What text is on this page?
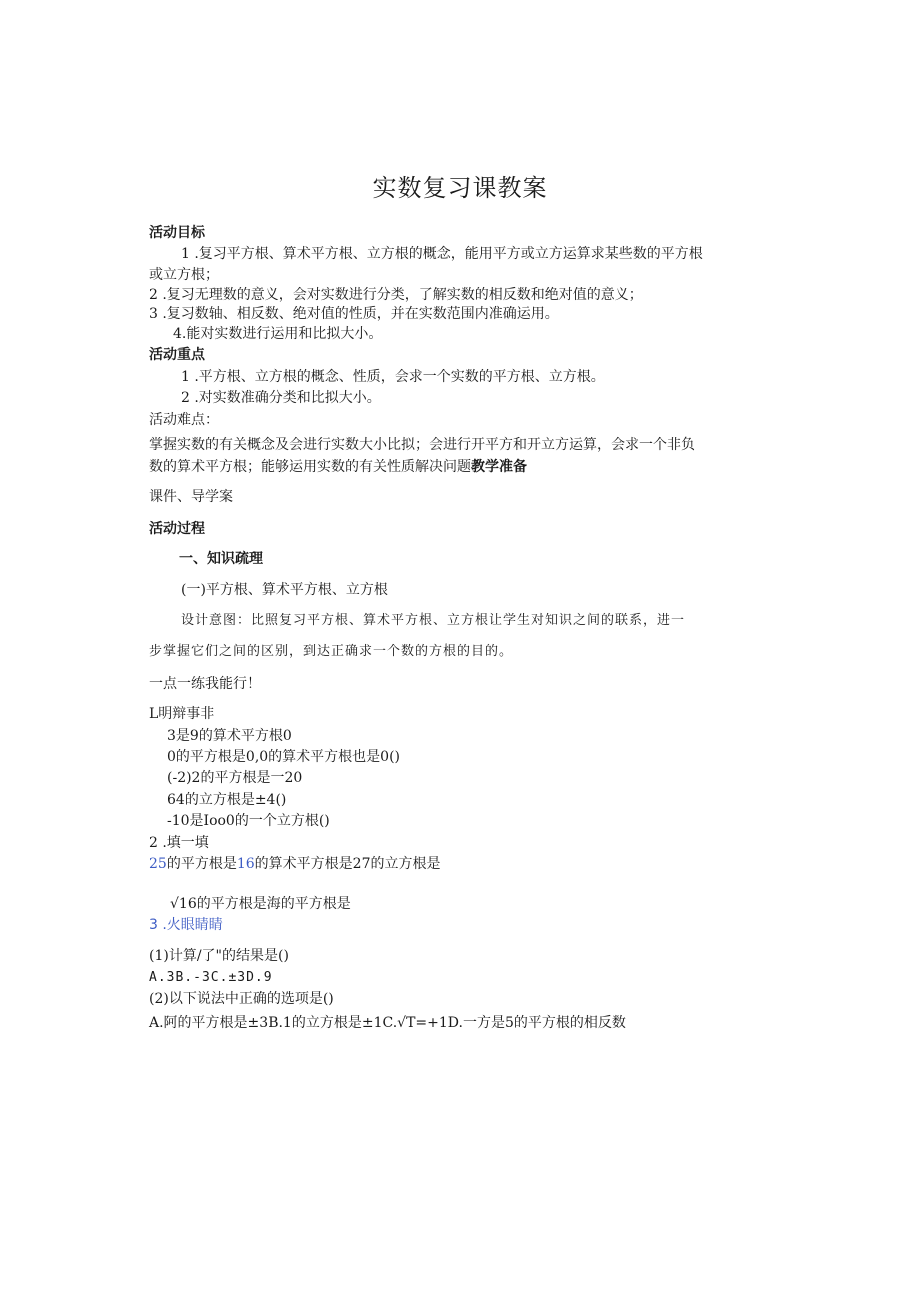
实数复习课教案
活动目标
1 .复习平方根、算术平方根、立方根的概念，能用平方或立方运算求某些数的平方根
或立方根；
2 .复习无理数的意义，会对实数进行分类，了解实数的相反数和绝对值的意义；
3 .复习数轴、相反数、绝对值的性质，并在实数范围内准确运用。
4.能对实数进行运用和比拟大小。
活动重点
1 .平方根、立方根的概念、性质，会求一个实数的平方根、立方根。
2 .对实数准确分类和比拟大小。
活动难点：
掌握实数的有关概念及会进行实数大小比拟；会进行开平方和开立方运算，会求一个非负
数的算术平方根；能够运用实数的有关性质解决问题教学准备
课件、导学案
活动过程
一、知识疏理
(一)平方根、算术平方根、立方根
设计意图：比照复习平方根、算术平方根、立方根让学生对知识之间的联系，进一
步掌握它们之间的区别，到达正确求一个数的方根的目的。
一点一练我能行！
L明辩事非
3是9的算术平方根0
0的平方根是0,0的算术平方根也是0()
(-2)2的平方根是一20
64的立方根是±4()
-10是Ioo0的一个立方根()
2 .填一填
25的平方根是16的算术平方根是27的立方根是
√16的平方根是海的平方根是
3 .火眼睛睛
(1)计算/了"的结果是()
A.3B.-3C.±3D.9
(2)以下说法中正确的选项是()
A.阿的平方根是±3B.1的立方根是±1C.√T=+1D.一方是5的平方根的相反数
